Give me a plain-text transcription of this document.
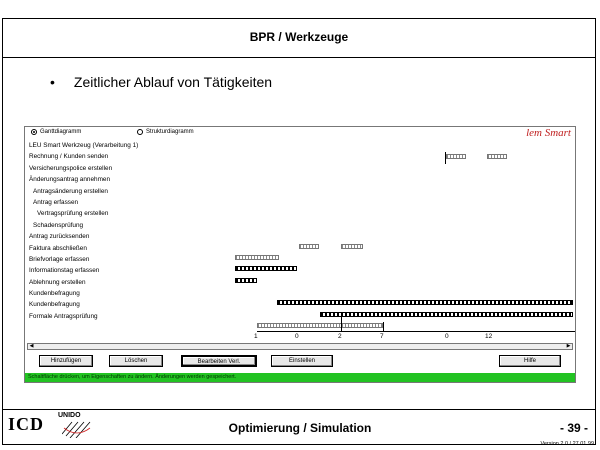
BPR / Werkzeuge
• Zeitlicher Ablauf von Tätigkeiten
Ganttdiagramm	Strukturdiagramm	lem Smart
LEU Smart Werkzeug (Verarbeitung 1)
Rechnung / Kunden senden
Versicherungspolice erstellen
Änderungsantrag annehmen
Antragsänderung erstellen
Antrag erfassen
Vertragsprüfung erstellen
Schadensprüfung
Antrag zurücksenden
Faktura abschließen
Briefvorlage erfassen
Informationstag erfassen
Ablehnung erstellen
Kundenbefragung
Kundenbefragung
Formale Antragsprüfung
1	0	2	7	0	12
◀	▶
Hinzufügen	Löschen	Bearbeiten Verl.	Einstellen	Hilfe
Schaltfläche drücken, um Eigenschaften zu ändern. Änderungen werden gespeichert.
ICD UNIDO
Optimierung / Simulation	- 39 -
Version 2.0 / 27.01.99
